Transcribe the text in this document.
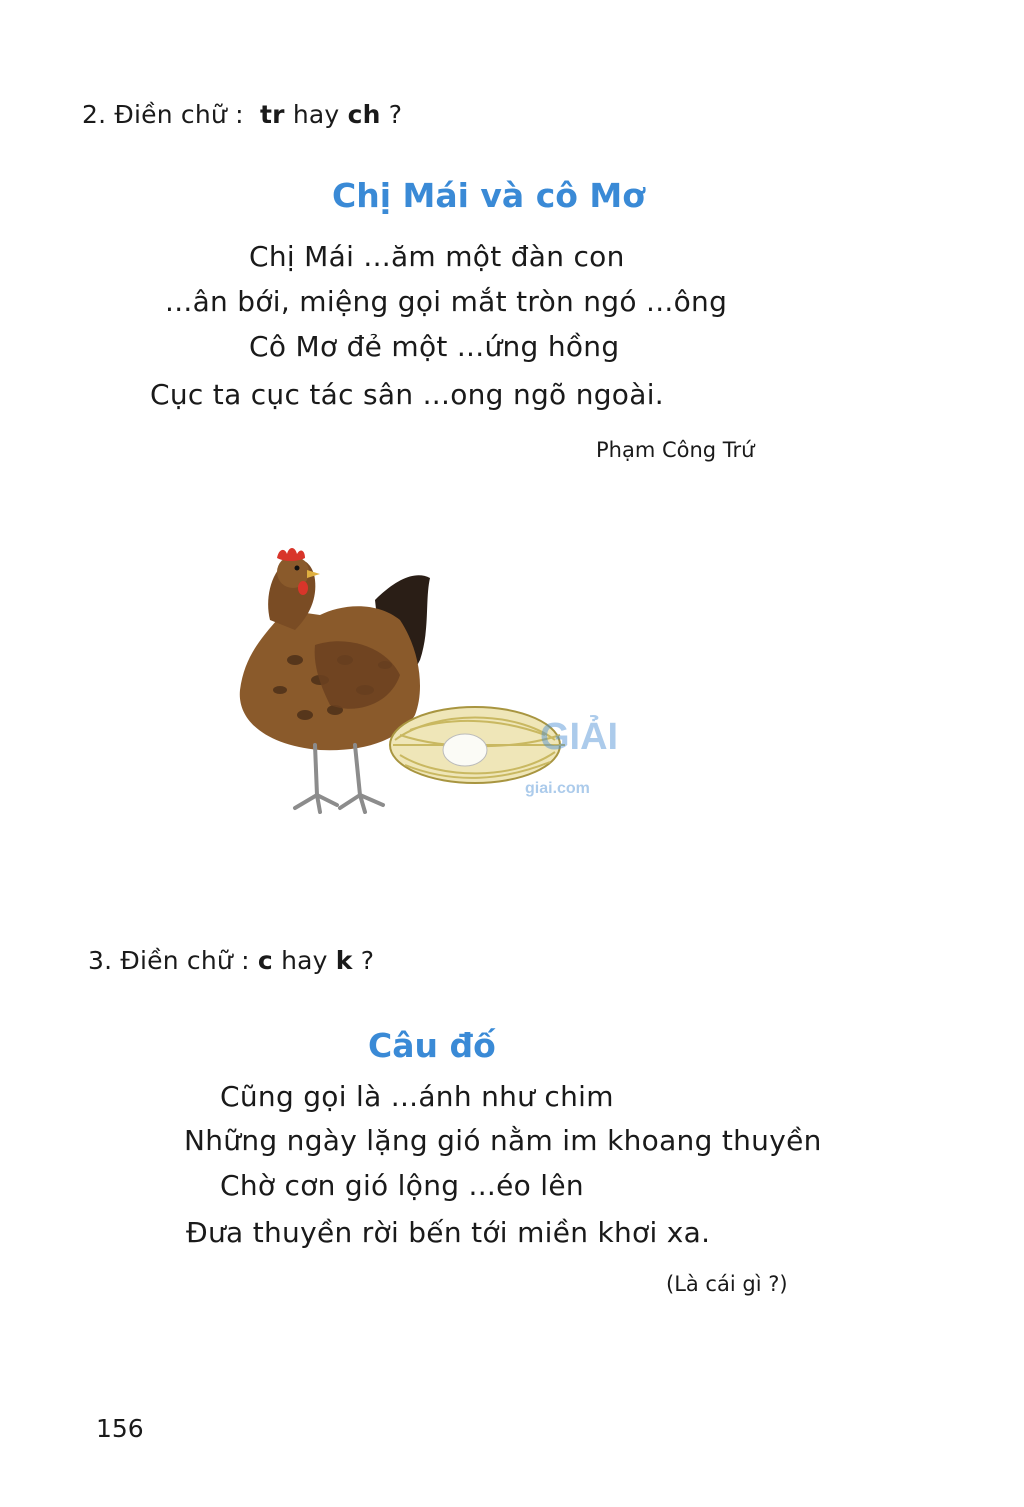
2. Điền chữ : tr hay ch ?
Chị Mái và cô Mơ
Chị Mái ...ăm một đàn con
...ân bới, miệng gọi mắt tròn ngó ...ông
Cô Mơ đẻ một ...ứng hồng
Cục ta cục tác sân ...ong ngõ ngoài.
Phạm Công Trứ
GIẢI
giai.com
3. Điền chữ : c hay k ?
Câu đố
Cũng gọi là ...ánh như chim
Những ngày lặng gió nằm im khoang thuyền
Chờ cơn gió lộng ...éo lên
Đưa thuyền rời bến tới miền khơi xa.
(Là cái gì ?)
156
